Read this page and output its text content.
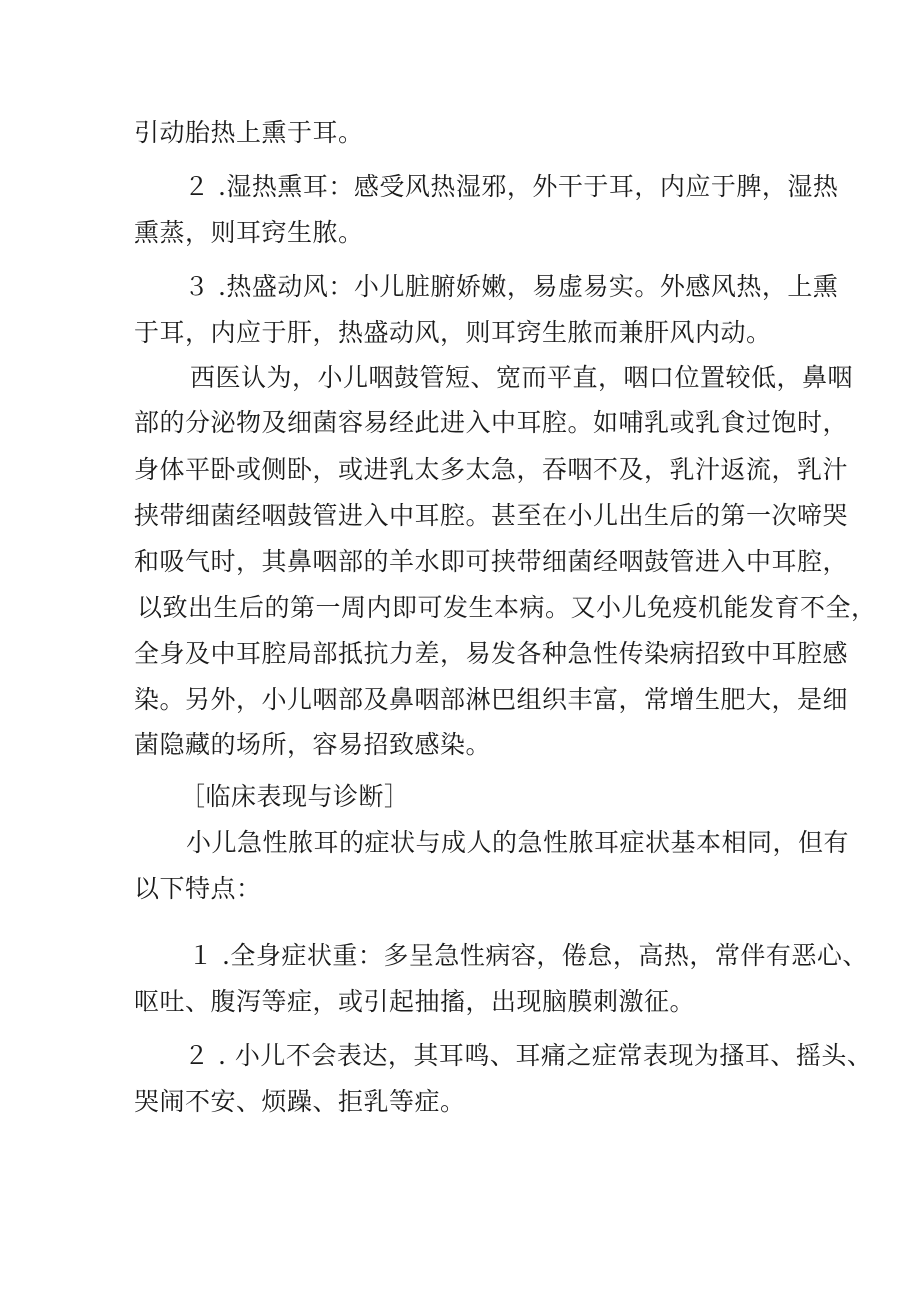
引动胎热上熏于耳。
２ .湿热熏耳：感受风热湿邪，外干于耳，内应于脾，湿热
熏蒸，则耳窍生脓。
３ .热盛动风：小儿脏腑娇嫩，易虚易实。外感风热，上熏
于耳，内应于肝，热盛动风，则耳窍生脓而兼肝风内动。
西医认为，小儿咽鼓管短、宽而平直，咽口位置较低，鼻咽
部的分泌物及细菌容易经此进入中耳腔。如哺乳或乳食过饱时，
身体平卧或侧卧，或进乳太多太急，吞咽不及，乳汁返流，乳汁
挟带细菌经咽鼓管进入中耳腔。甚至在小儿出生后的第一次啼哭
和吸气时，其鼻咽部的羊水即可挟带细菌经咽鼓管进入中耳腔，
以致出生后的第一周内即可发生本病。又小儿免疫机能发育不全，
全身及中耳腔局部抵抗力差，易发各种急性传染病招致中耳腔感
染。另外，小儿咽部及鼻咽部淋巴组织丰富，常增生肥大，是细
菌隐藏的场所，容易招致感染。
［临床表现与诊断］
小儿急性脓耳的症状与成人的急性脓耳症状基本相同，但有
以下特点：
１ .全身症状重：多呈急性病容，倦怠，高热，常伴有恶心、
呕吐、腹泻等症，或引起抽搐，出现脑膜刺激征。
２ . 小儿不会表达，其耳鸣、耳痛之症常表现为搔耳、摇头、
哭闹不安、烦躁、拒乳等症。
